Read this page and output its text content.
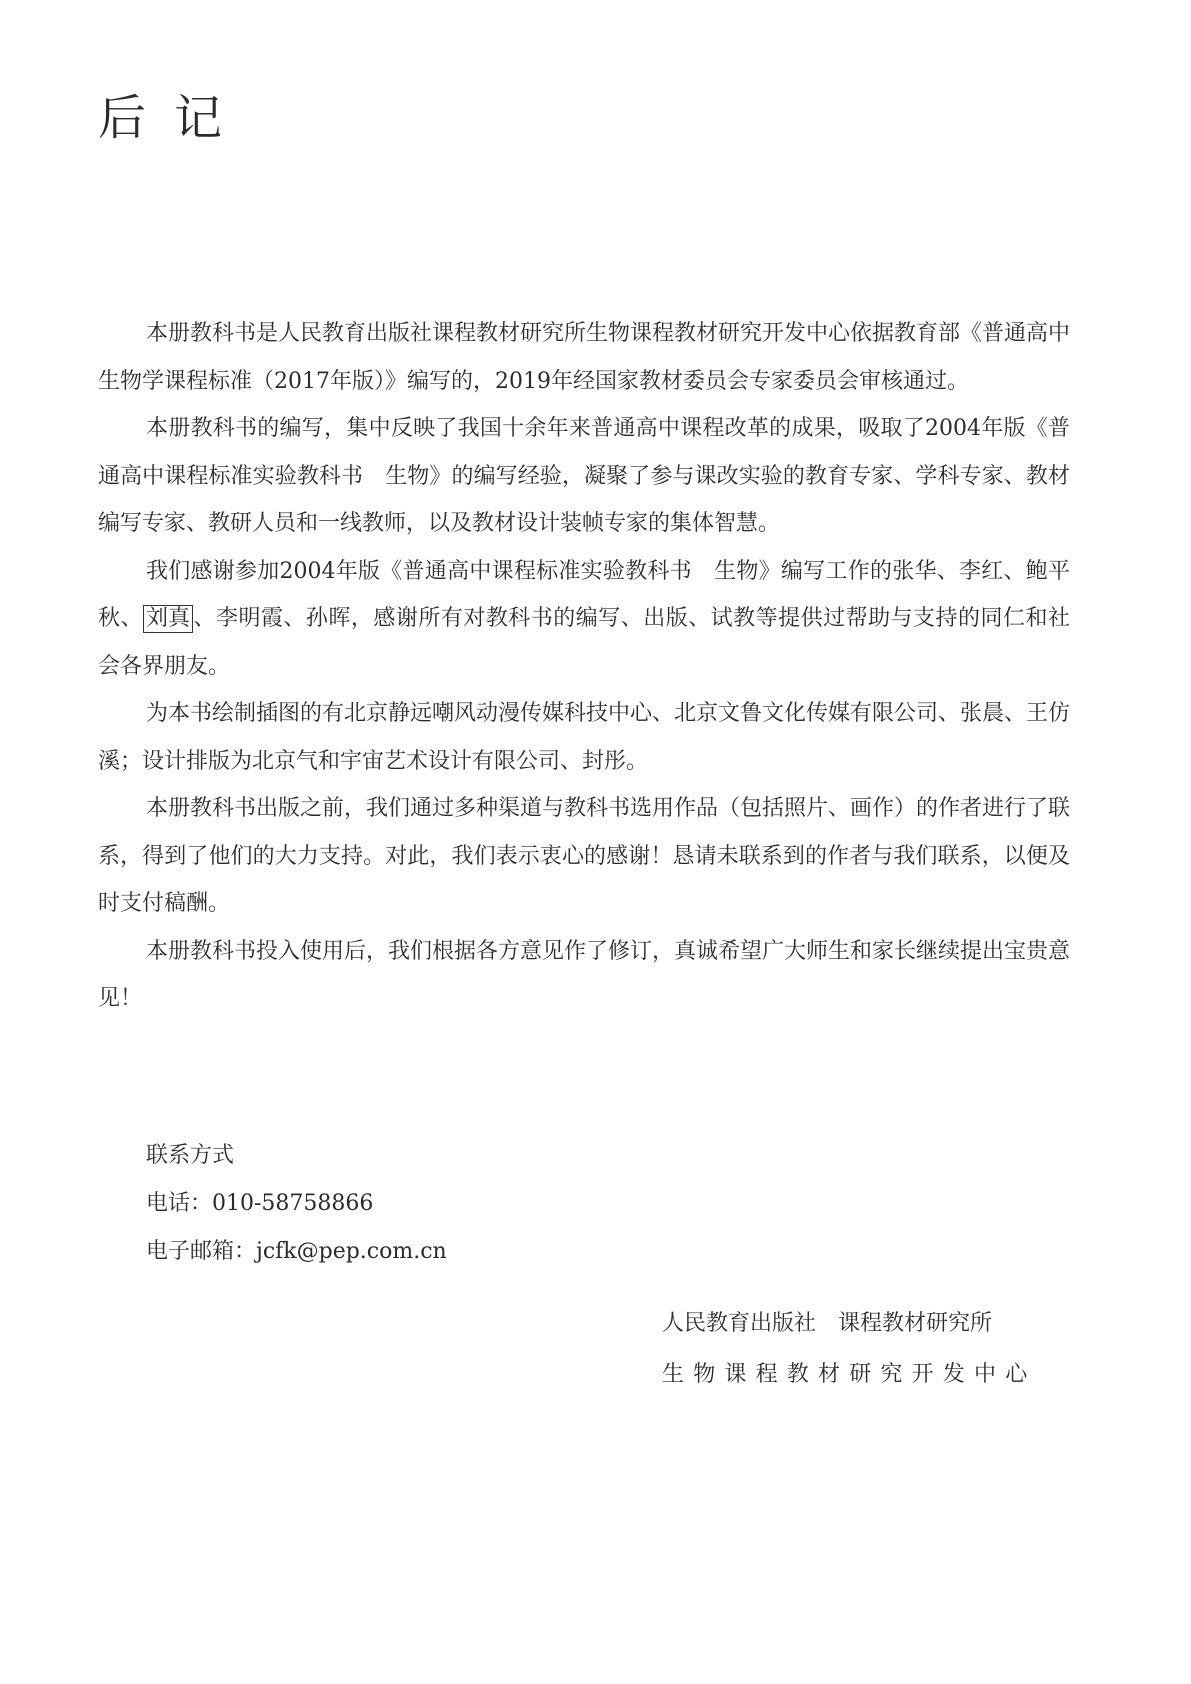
后记

本册教科书是人民教育出版社课程教材研究所生物课程教材研究开发中心依据教育部《普通高中生物学课程标准（2017年版）》编写的，2019年经国家教材委员会专家委员会审核通过。

本册教科书的编写，集中反映了我国十余年来普通高中课程改革的成果，吸取了2004年版《普通高中课程标准实验教科书　生物》的编写经验，凝聚了参与课改实验的教育专家、学科专家、教材编写专家、教研人员和一线教师，以及教材设计装帧专家的集体智慧。

我们感谢参加2004年版《普通高中课程标准实验教科书　生物》编写工作的张华、李红、鲍平秋、 刘真 、李明霞、孙晖，感谢所有对教科书的编写、出版、试教等提供过帮助与支持的同仁和社会各界朋友。

为本书绘制插图的有北京静远嘲风动漫传媒科技中心、北京文鲁文化传媒有限公司、张晨、王仿溪；设计排版为北京气和宇宙艺术设计有限公司、封彤。

本册教科书出版之前，我们通过多种渠道与教科书选用作品（包括照片、画作）的作者进行了联系，得到了他们的大力支持。对此，我们表示衷心的感谢！恳请未联系到的作者与我们联系，以便及时支付稿酬。

本册教科书投入使用后，我们根据各方意见作了修订，真诚希望广大师生和家长继续提出宝贵意见！

联系方式
电话：010-58758866
电子邮箱：jcfk@pep.com.cn
人民教育出版社　课程教材研究所
生物课程教材研究开发中心
